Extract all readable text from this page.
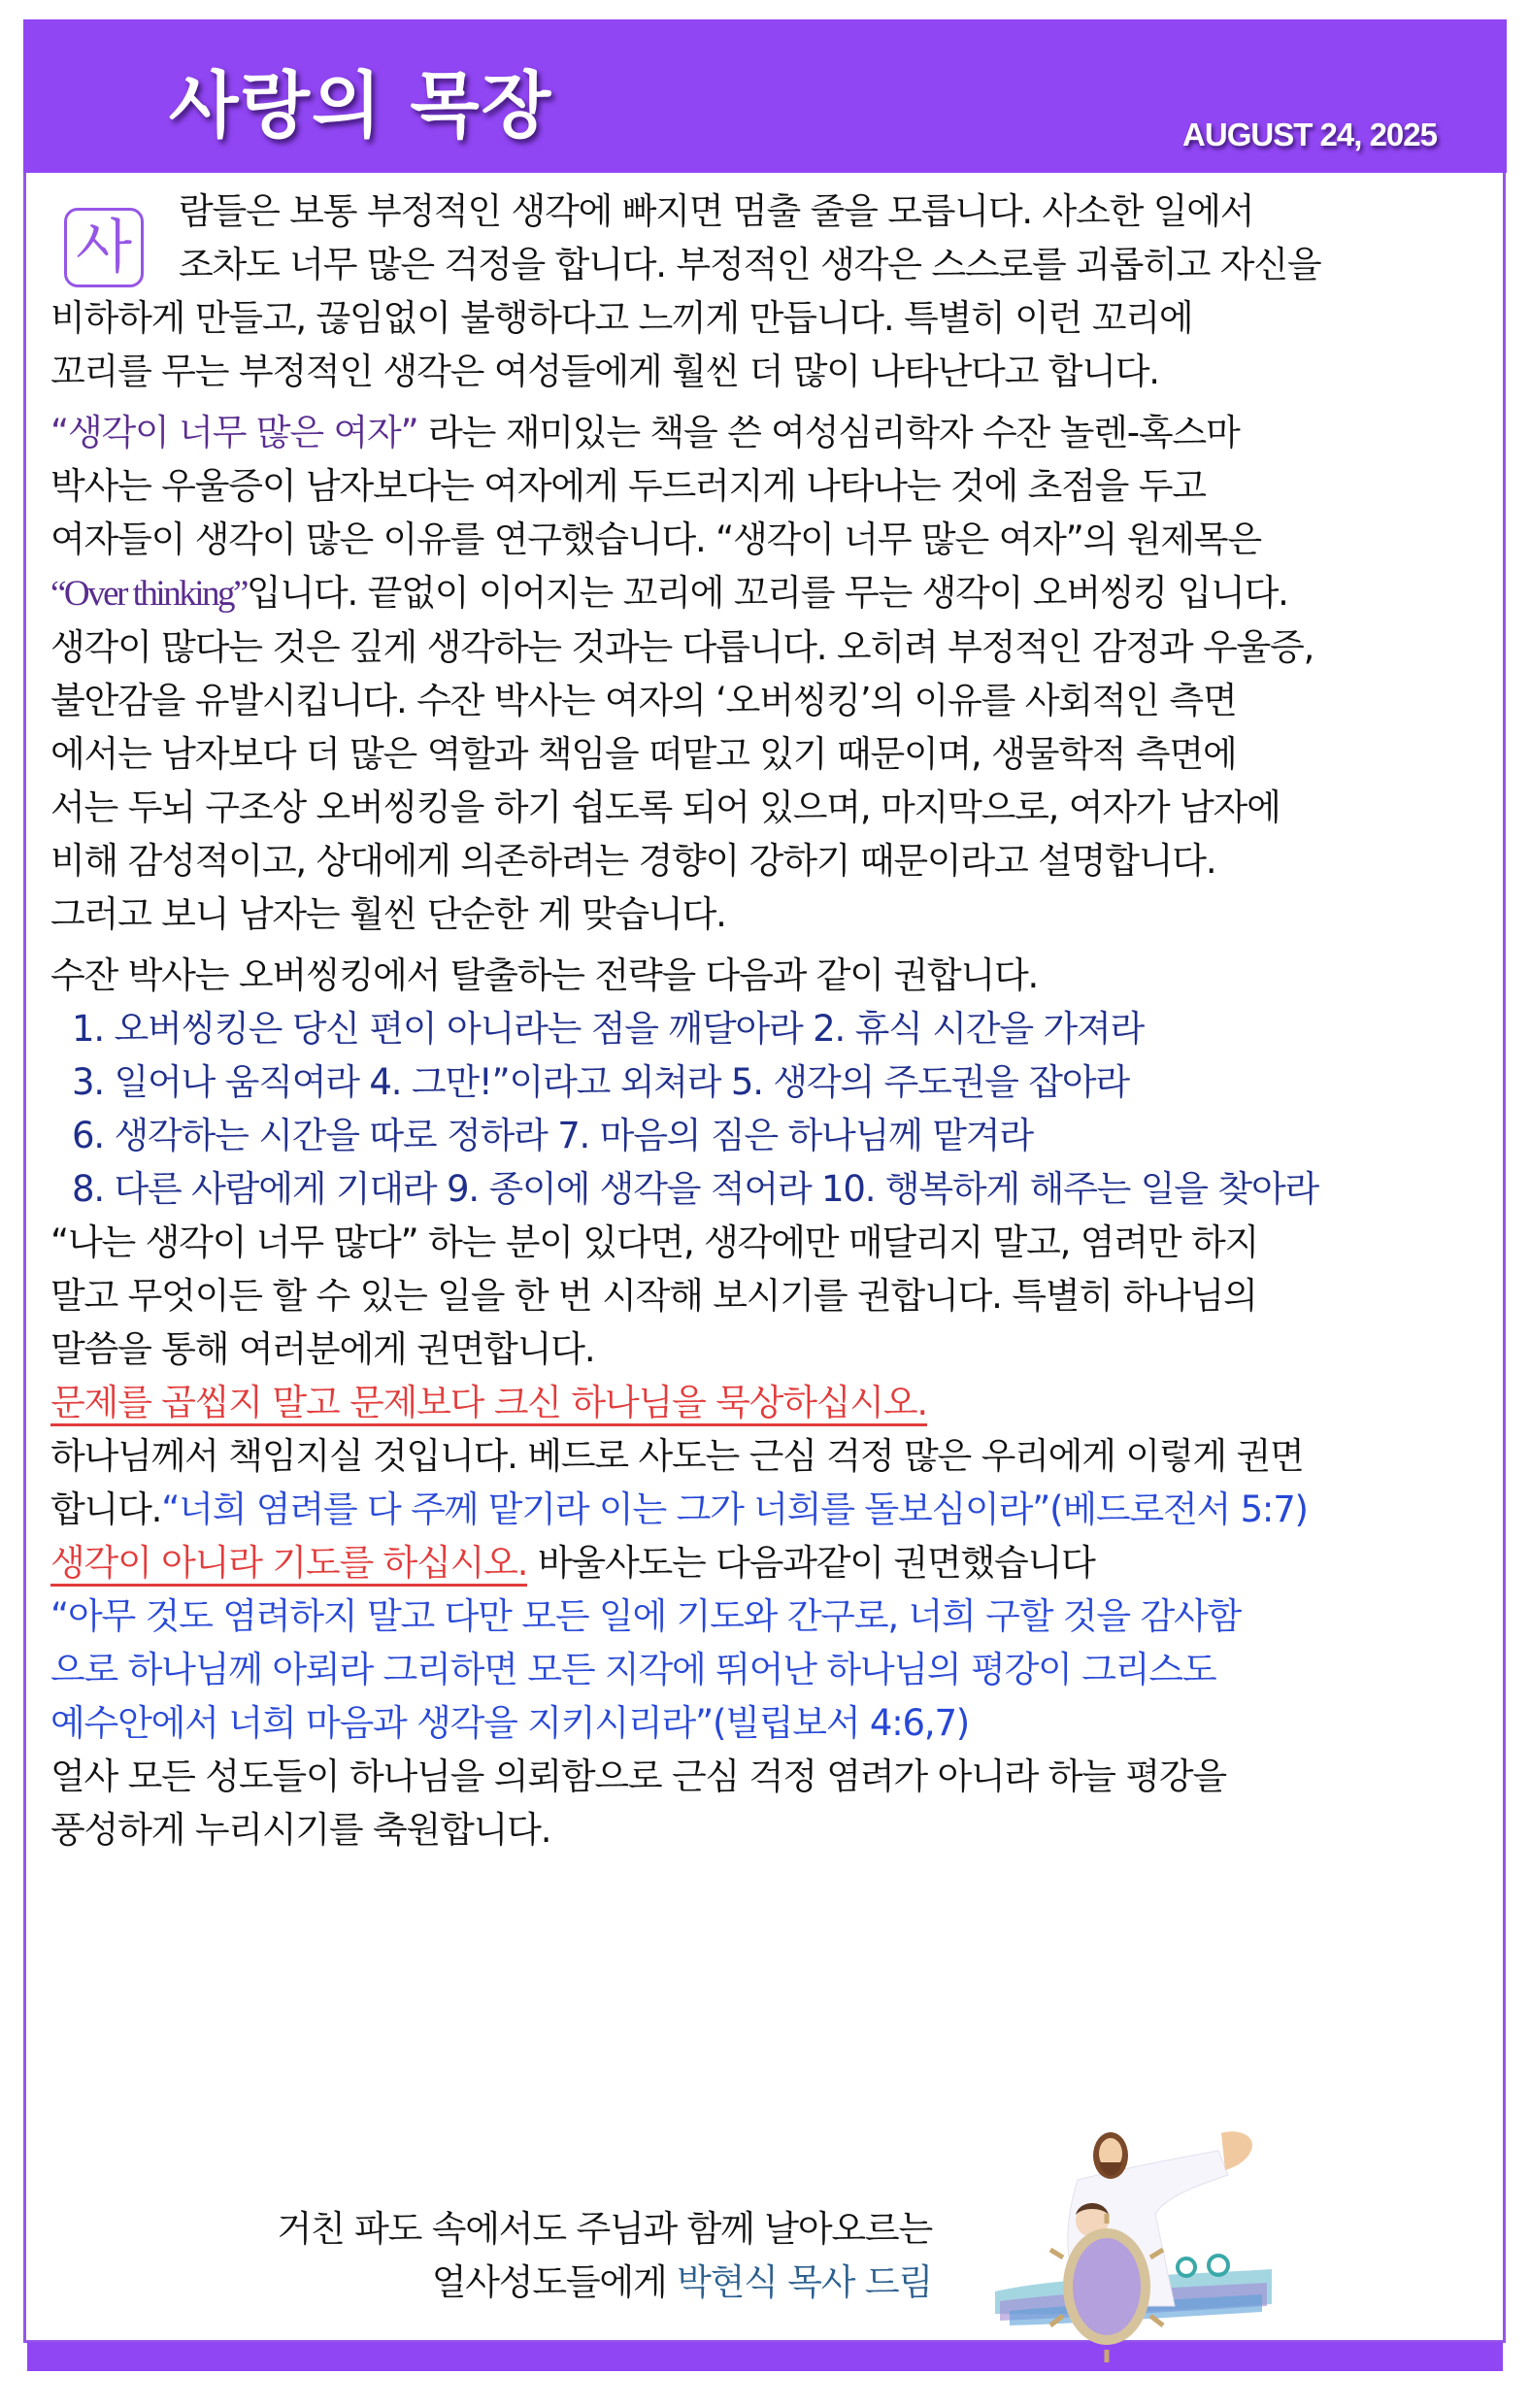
사랑의 목장	AUGUST 24, 2025
사
람들은 보통 부정적인 생각에 빠지면 멈출 줄을 모릅니다. 사소한 일에서
조차도 너무 많은 걱정을 합니다. 부정적인 생각은 스스로를 괴롭히고 자신을
비하하게 만들고, 끊임없이 불행하다고 느끼게 만듭니다. 특별히 이런 꼬리에
꼬리를 무는 부정적인 생각은 여성들에게 훨씬 더 많이 나타난다고 합니다.
“생각이 너무 많은 여자” 라는 재미있는 책을 쓴 여성심리학자 수잔 놀렌-혹스마
박사는 우울증이 남자보다는 여자에게 두드러지게 나타나는 것에 초점을 두고
여자들이 생각이 많은 이유를 연구했습니다. “생각이 너무 많은 여자”의 원제목은
“Over thinking”입니다. 끝없이 이어지는 꼬리에 꼬리를 무는 생각이 오버씽킹 입니다.
생각이 많다는 것은 깊게 생각하는 것과는 다릅니다. 오히려 부정적인 감정과 우울증,
불안감을 유발시킵니다. 수잔 박사는 여자의 ‘오버씽킹’의 이유를 사회적인 측면
에서는 남자보다 더 많은 역할과 책임을 떠맡고 있기 때문이며, 생물학적 측면에
서는 두뇌 구조상 오버씽킹을 하기 쉽도록 되어 있으며, 마지막으로, 여자가 남자에
비해 감성적이고, 상대에게 의존하려는 경향이 강하기 때문이라고 설명합니다.
그러고 보니 남자는 훨씬 단순한 게 맞습니다.
수잔 박사는 오버씽킹에서 탈출하는 전략을 다음과 같이 권합니다.
1. 오버씽킹은 당신 편이 아니라는 점을 깨달아라 2. 휴식 시간을 가져라
3. 일어나 움직여라 4. 그만!”이라고 외쳐라 5. 생각의 주도권을 잡아라
6. 생각하는 시간을 따로 정하라 7. 마음의 짐은 하나님께 맡겨라
8. 다른 사람에게 기대라 9. 종이에 생각을 적어라 10. 행복하게 해주는 일을 찾아라
“나는 생각이 너무 많다” 하는 분이 있다면, 생각에만 매달리지 말고, 염려만 하지
말고 무엇이든 할 수 있는 일을 한 번 시작해 보시기를 권합니다. 특별히 하나님의
말씀을 통해 여러분에게 권면합니다.
문제를 곱씹지 말고 문제보다 크신 하나님을 묵상하십시오.
하나님께서 책임지실 것입니다. 베드로 사도는 근심 걱정 많은 우리에게 이렇게 권면
합니다.“너희 염려를 다 주께 맡기라 이는 그가 너희를 돌보심이라”(베드로전서 5:7)
생각이 아니라 기도를 하십시오. 바울사도는 다음과같이 권면했습니다
“아무 것도 염려하지 말고 다만 모든 일에 기도와 간구로, 너희 구할 것을 감사함
으로 하나님께 아뢰라 그리하면 모든 지각에 뛰어난 하나님의 평강이 그리스도
예수안에서 너희 마음과 생각을 지키시리라”(빌립보서 4:6,7)
얼사 모든 성도들이 하나님을 의뢰함으로 근심 걱정 염려가 아니라 하늘 평강을
풍성하게 누리시기를 축원합니다.
거친 파도 속에서도 주님과 함께 날아오르는
얼사성도들에게 박현식 목사 드림
